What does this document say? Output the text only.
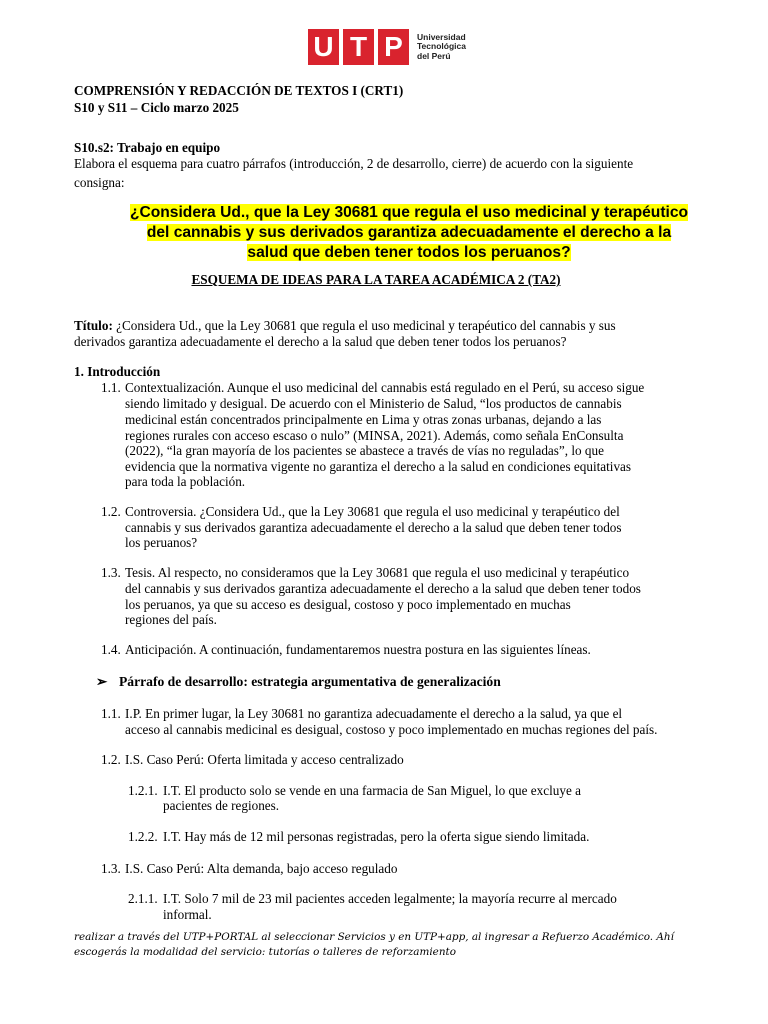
U T P	Universidad
Tecnológica
del Perú
COMPRENSIÓN Y REDACCIÓN DE TEXTOS I (CRT1)
S10 y S11 – Ciclo marzo 2025
S10.s2: Trabajo en equipo
Elabora el esquema para cuatro párrafos (introducción, 2 de desarrollo, cierre) de acuerdo con la siguiente
consigna:
¿Considera Ud., que la Ley 30681 que regula el uso medicinal y terapéutico
del cannabis y sus derivados garantiza adecuadamente el derecho a la
salud que deben tener todos los peruanos?
ESQUEMA DE IDEAS PARA LA TAREA ACADÉMICA 2 (TA2)
Título: ¿Considera Ud., que la Ley 30681 que regula el uso medicinal y terapéutico del cannabis y sus
derivados garantiza adecuadamente el derecho a la salud que deben tener todos los peruanos?
1. Introducción
1.1. Contextualización. Aunque el uso medicinal del cannabis está regulado en el Perú, su acceso sigue
siendo limitado y desigual. De acuerdo con el Ministerio de Salud, “los productos de cannabis
medicinal están concentrados principalmente en Lima y otras zonas urbanas, dejando a las
regiones rurales con acceso escaso o nulo” (MINSA, 2021). Además, como señala EnConsulta
(2022), “la gran mayoría de los pacientes se abastece a través de vías no reguladas”, lo que
evidencia que la normativa vigente no garantiza el derecho a la salud en condiciones equitativas
para toda la población.
1.2. Controversia. ¿Considera Ud., que la Ley 30681 que regula el uso medicinal y terapéutico del
cannabis y sus derivados garantiza adecuadamente el derecho a la salud que deben tener todos
los peruanos?
1.3. Tesis. Al respecto, no consideramos que la Ley 30681 que regula el uso medicinal y terapéutico
del cannabis y sus derivados garantiza adecuadamente el derecho a la salud que deben tener todos
los peruanos, ya que su acceso es desigual, costoso y poco implementado en muchas
regiones del país.
1.4. Anticipación. A continuación, fundamentaremos nuestra postura en las siguientes líneas.
➢ Párrafo de desarrollo: estrategia argumentativa de generalización
1.1. I.P. En primer lugar, la Ley 30681 no garantiza adecuadamente el derecho a la salud, ya que el
acceso al cannabis medicinal es desigual, costoso y poco implementado en muchas regiones del país.
1.2. I.S. Caso Perú: Oferta limitada y acceso centralizado
1.2.1. I.T. El producto solo se vende en una farmacia de San Miguel, lo que excluye a
pacientes de regiones.
1.2.2. I.T. Hay más de 12 mil personas registradas, pero la oferta sigue siendo limitada.
1.3. I.S. Caso Perú: Alta demanda, bajo acceso regulado
2.1.1. I.T. Solo 7 mil de 23 mil pacientes acceden legalmente; la mayoría recurre al mercado
informal.
realizar a través del UTP+PORTAL al seleccionar Servicios y en UTP+app, al ingresar a Refuerzo Académico. Ahí
escogerás la modalidad del servicio: tutorías o talleres de reforzamiento
